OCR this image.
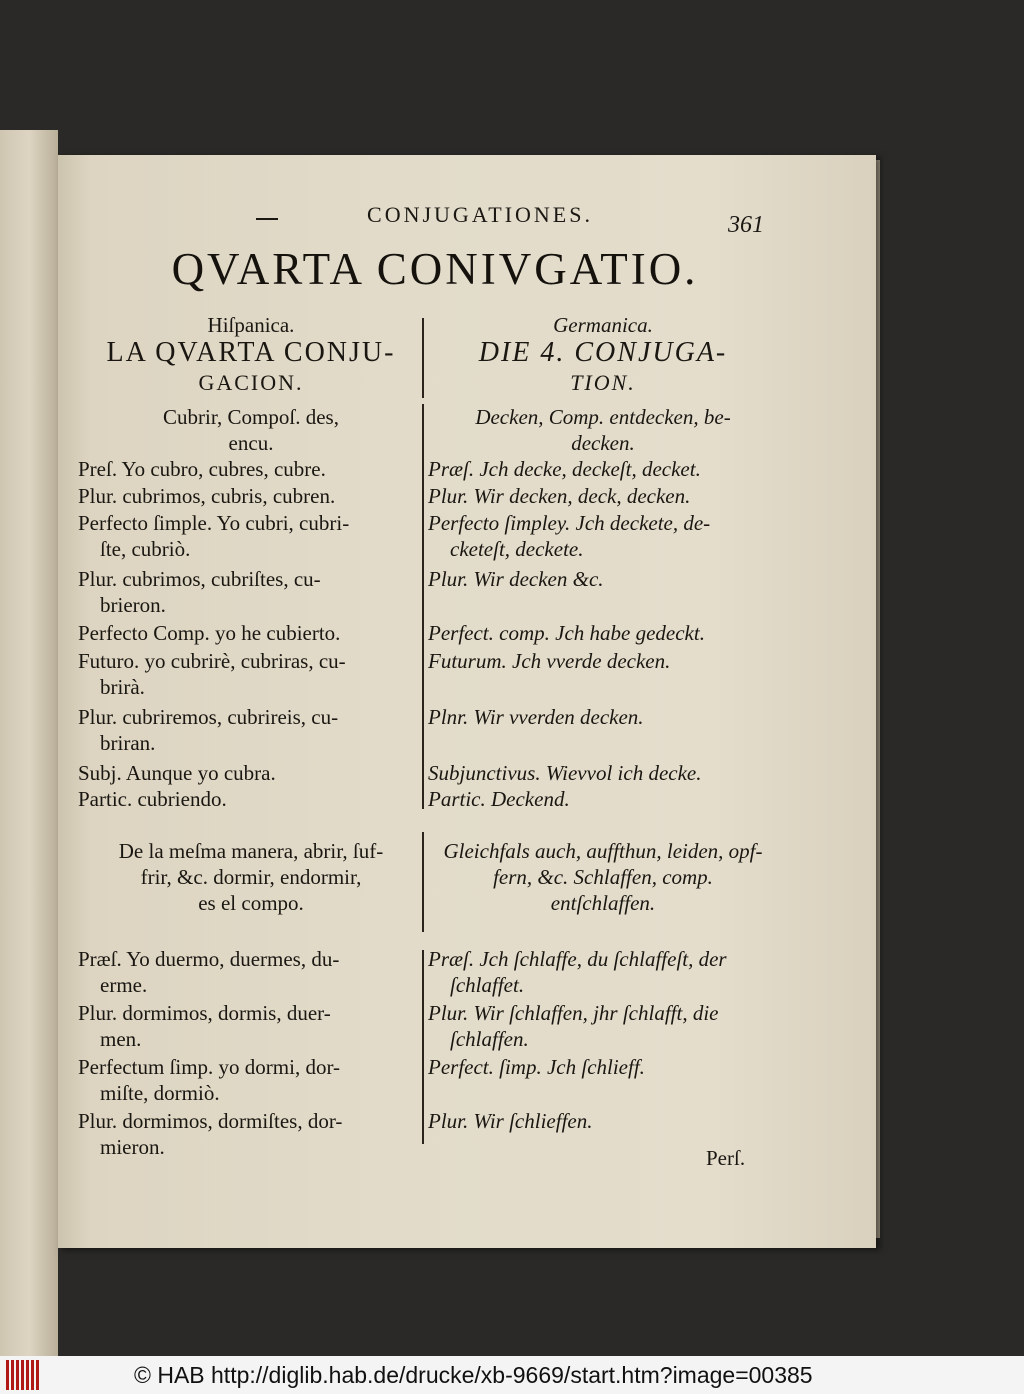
CONJUGATIONES.	361
QVARTA CONIVGATIO.
Hiſpanica.
LA QVARTA CONJU-
GACION.
Cubrir, Compoſ. des,
encu.
Preſ. Yo cubro, cubres, cubre.
Plur. cubrimos, cubris, cubren.
Perfecto ſimple. Yo cubri, cubri-
ſte, cubriò.
Plur. cubrimos, cubriſtes, cu-
brieron.
Perfecto Comp. yo he cubierto.
Futuro. yo cubrirè, cubriras, cu-
brirà.
Plur. cubriremos, cubrireis, cu-
briran.
Subj. Aunque yo cubra.
Partic. cubriendo.
De la meſma manera, abrir, ſuf-
frir, &c. dormir, endormir,
es el compo.
Præſ. Yo duermo, duermes, du-
erme.
Plur. dormimos, dormis, duer-
men.
Perfectum ſimp. yo dormi, dor-
miſte, dormiò.
Plur. dormimos, dormiſtes, dor-
mieron.
Germanica.
DIE 4. CONJUGA-
TION.
Decken, Comp. entdecken, be-
decken.
Præſ. Jch decke, deckeſt, decket.
Plur. Wir decken, deck, decken.
Perfecto ſimpley. Jch deckete, de-
cketeſt, deckete.
Plur. Wir decken &c.
Perfect. comp. Jch habe gedeckt.
Futurum. Jch vverde decken.
Plnr. Wir vverden decken.
Subjunctivus. Wievvol ich decke.
Partic. Deckend.
Gleichfals auch, auffthun, leiden, opf-
fern, &c. Schlaffen, comp.
entſchlaffen.
Præſ. Jch ſchlaffe, du ſchlaffeſt, der
ſchlaffet.
Plur. Wir ſchlaffen, jhr ſchlafft, die
ſchlaffen.
Perfect. ſimp. Jch ſchlieff.
Plur. Wir ſchlieffen.
Perſ.
© HAB http://diglib.hab.de/drucke/xb-9669/start.htm?image=00385
